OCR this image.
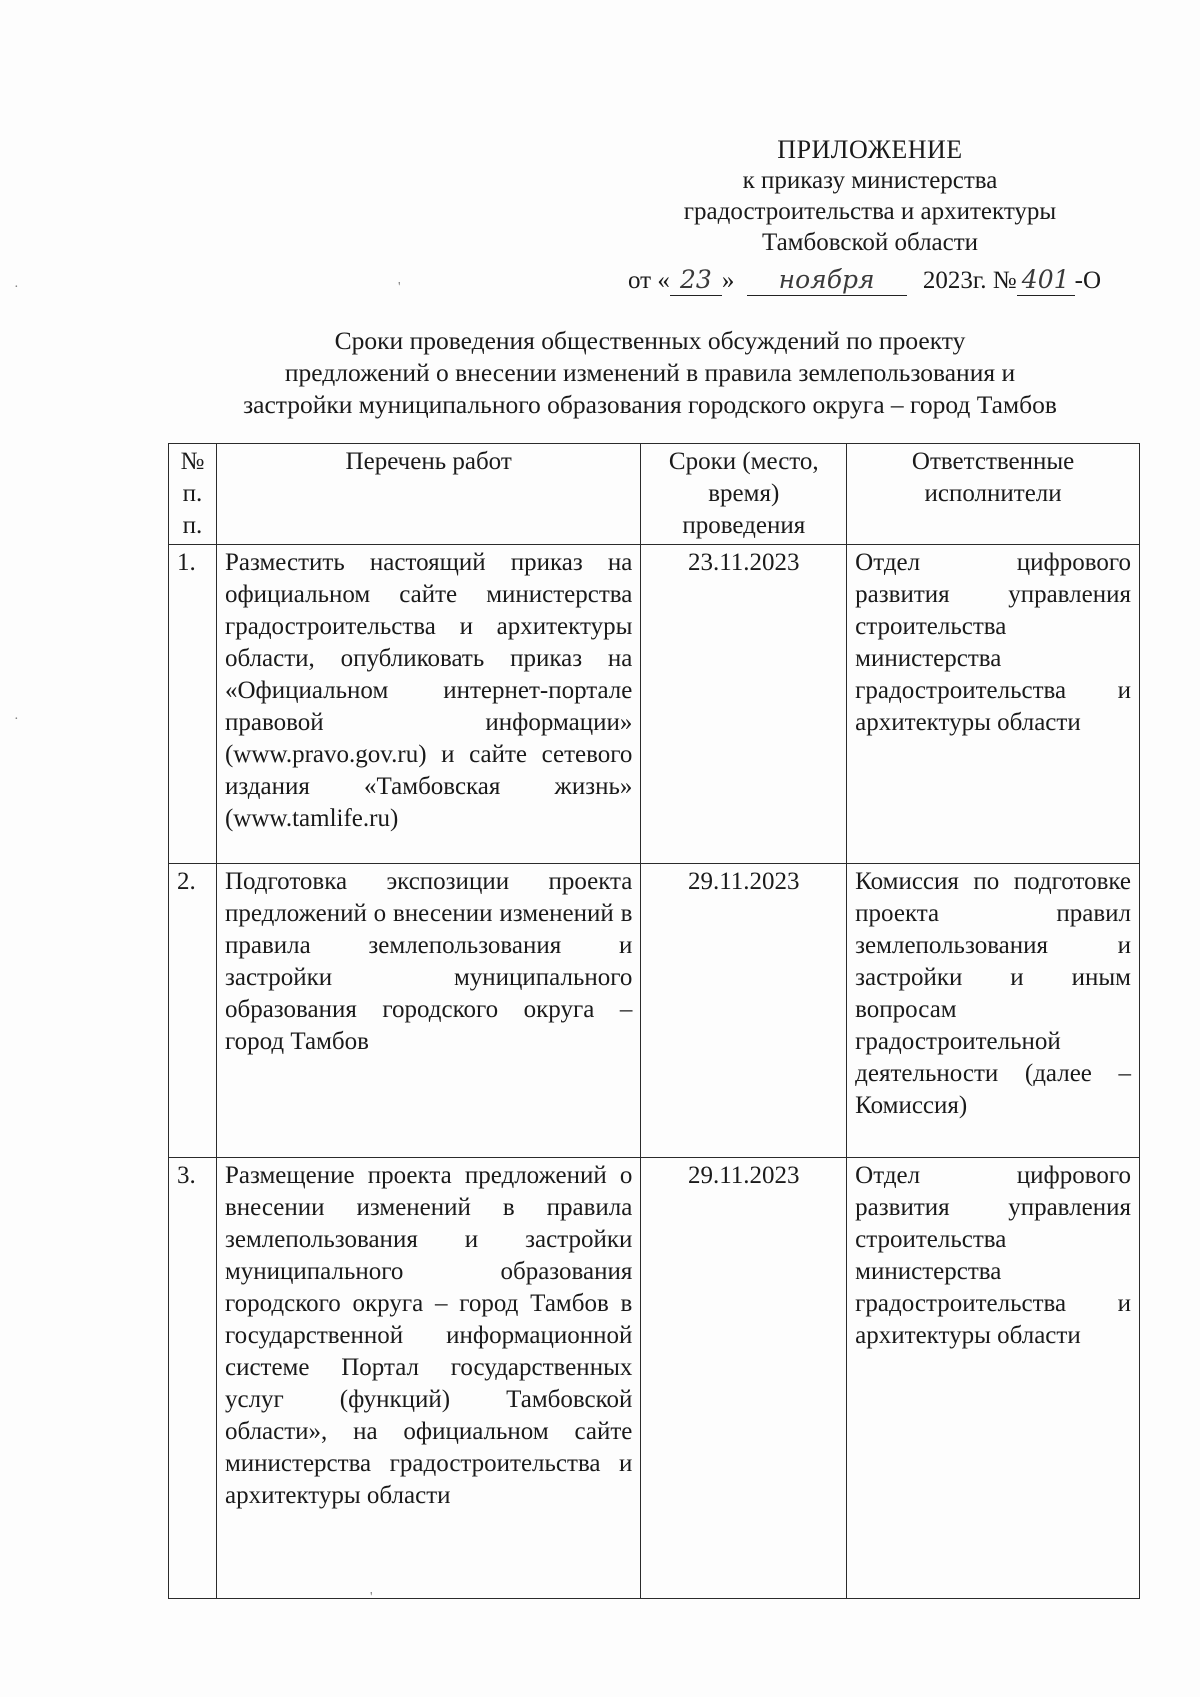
ПРИЛОЖЕНИЕ
к приказу министерства
градостроительства и архитектуры
Тамбовской области
от « 23 » ноября 2023г. № 401 -О
Сроки проведения общественных обсуждений по проекту
предложений о внесении изменений в правила землепользования и
застройки муниципального образования городского округа – город Тамбов
№ п. п.	Перечень работ	Сроки (место, время) проведения	Ответственные исполнители
1.	Разместить настоящий приказ на официальном сайте министерства градостроительства и архитектуры области, опубликовать приказ на «Официальном интернет-портале правовой информации» (www.pravo.gov.ru) и сайте сетевого издания «Тамбовская жизнь» (www.tamlife.ru)	23.11.2023	Отдел цифрового развития управления строительства министерства градостроительства и архитектуры области
2.	Подготовка экспозиции проекта предложений о внесении изменений в правила землепользования и застройки муниципального образования городского округа – город Тамбов	29.11.2023	Комиссия по подготовке проекта правил землепользования и застройки и иным вопросам градостроительной деятельности (далее – Комиссия)
3.	Размещение проекта предложений о внесении изменений в правила землепользования и застройки муниципального образования городского округа – город Тамбов в государственной информационной системе Портал государственных услуг (функций) Тамбовской области», на официальном сайте министерства градостроительства и архитектуры области	29.11.2023	Отдел цифрового развития управления строительства министерства градостроительства и архитектуры области
·
·
'
'
